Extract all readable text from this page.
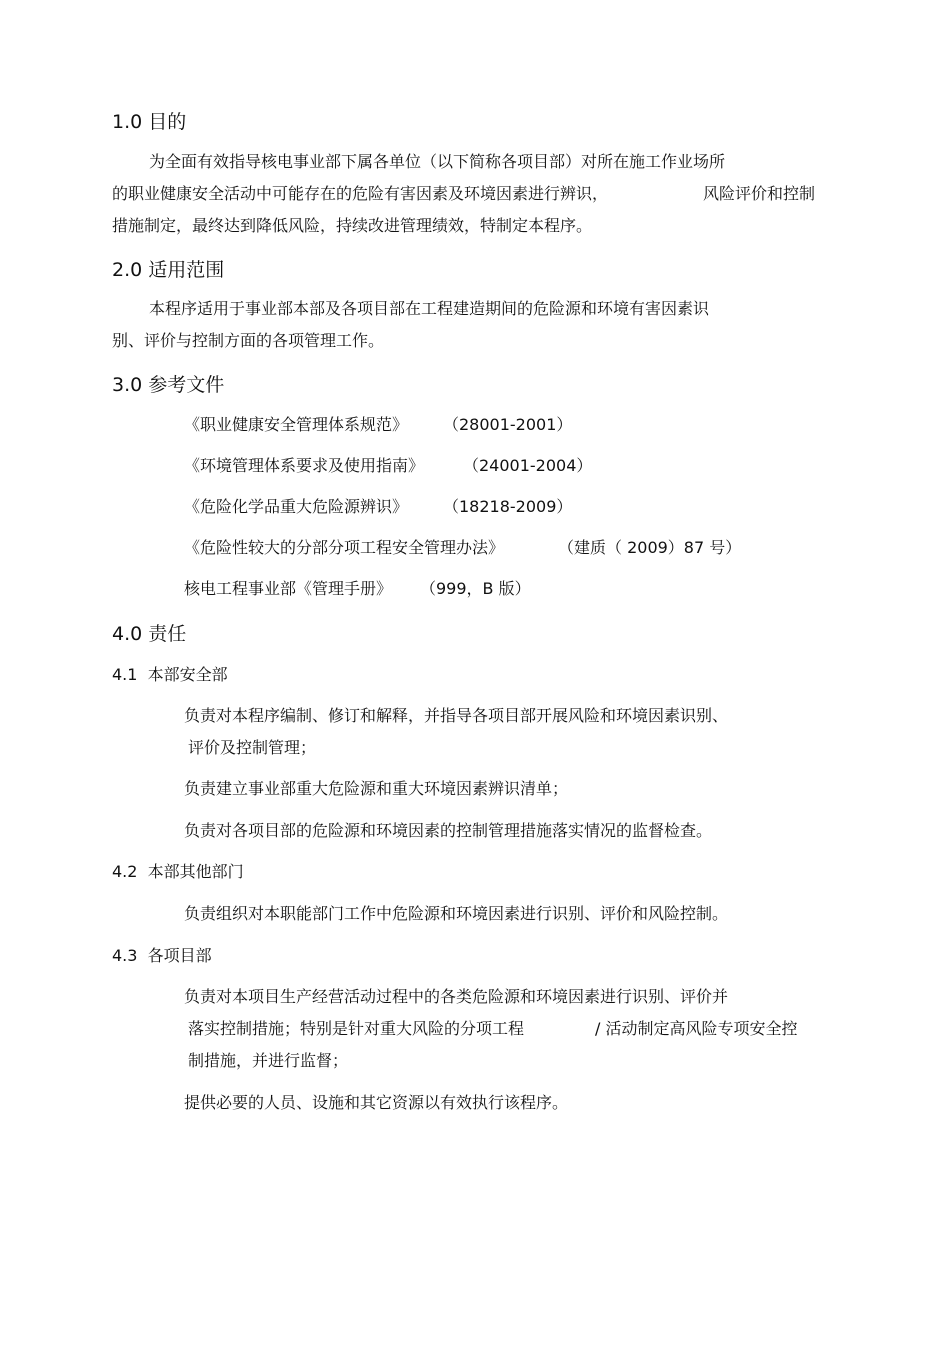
1.0 目的
为全面有效指导核电事业部下属各单位（以下简称各项目部）对所在施工作业场所
的职业健康安全活动中可能存在的危险有害因素及环境因素进行辨识，	风险评价和控制
措施制定，最终达到降低风险，持续改进管理绩效，特制定本程序。
2.0 适用范围
本程序适用于事业部本部及各项目部在工程建造期间的危险源和环境有害因素识
别、评价与控制方面的各项管理工作。
3.0 参考文件
《职业健康安全管理体系规范》 （28001-2001）
《环境管理体系要求及使用指南》 （24001-2004）
《危险化学品重大危险源辨识》 （18218-2009）
《危险性较大的分部分项工程安全管理办法》	（建质（ 2009）87 号）
核电工程事业部《管理手册》 （999，B 版）
4.0 责任
4.1  本部安全部
负责对本程序编制、修订和解释，并指导各项目部开展风险和环境因素识别、
评价及控制管理；
负责建立事业部重大危险源和重大环境因素辨识清单；
负责对各项目部的危险源和环境因素的控制管理措施落实情况的监督检查。
4.2  本部其他部门
负责组织对本职能部门工作中危险源和环境因素进行识别、评价和风险控制。
4.3  各项目部
负责对本项目生产经营活动过程中的各类危险源和环境因素进行识别、评价并
落实控制措施；特别是针对重大风险的分项工程	/ 活动制定高风险专项安全控
制措施，并进行监督；
提供必要的人员、设施和其它资源以有效执行该程序。
